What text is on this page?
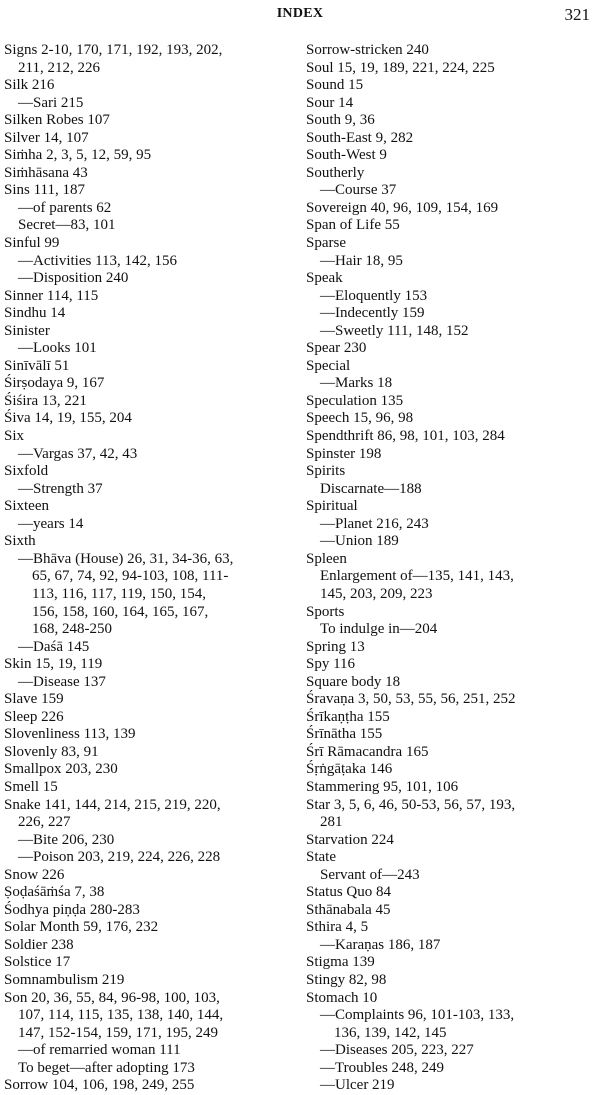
INDEX	321
Signs 2-10, 170, 171, 192, 193, 202,
211, 212, 226
Silk 216
—Sari 215
Silken Robes 107
Silver 14, 107
Siṁha 2, 3, 5, 12, 59, 95
Siṁhāsana 43
Sins 111, 187
—of parents 62
Secret—83, 101
Sinful 99
—Activities 113, 142, 156
—Disposition 240
Sinner 114, 115
Sindhu 14
Sinister
—Looks 101
Sinīvālī 51
Śirṣodaya 9, 167
Śiśira 13, 221
Śiva 14, 19, 155, 204
Six
—Vargas 37, 42, 43
Sixfold
—Strength 37
Sixteen
—years 14
Sixth
—Bhāva (House) 26, 31, 34-36, 63,
65, 67, 74, 92, 94-103, 108, 111-
113, 116, 117, 119, 150, 154,
156, 158, 160, 164, 165, 167,
168, 248-250
—Daśā 145
Skin 15, 19, 119
—Disease 137
Slave 159
Sleep 226
Slovenliness 113, 139
Slovenly 83, 91
Smallpox 203, 230
Smell 15
Snake 141, 144, 214, 215, 219, 220,
226, 227
—Bite 206, 230
—Poison 203, 219, 224, 226, 228
Snow 226
Ṣoḍaśāṁśa 7, 38
Śodhya piṇḍa 280-283
Solar Month 59, 176, 232
Soldier 238
Solstice 17
Somnambulism 219
Son 20, 36, 55, 84, 96-98, 100, 103,
107, 114, 115, 135, 138, 140, 144,
147, 152-154, 159, 171, 195, 249
—of remarried woman 111
To beget—after adopting 173
Sorrow 104, 106, 198, 249, 255
Sorrow-stricken 240
Soul 15, 19, 189, 221, 224, 225
Sound 15
Sour 14
South 9, 36
South-East 9, 282
South-West 9
Southerly
—Course 37
Sovereign 40, 96, 109, 154, 169
Span of Life 55
Sparse
—Hair 18, 95
Speak
—Eloquently 153
—Indecently 159
—Sweetly 111, 148, 152
Spear 230
Special
—Marks 18
Speculation 135
Speech 15, 96, 98
Spendthrift 86, 98, 101, 103, 284
Spinster 198
Spirits
Discarnate—188
Spiritual
—Planet 216, 243
—Union 189
Spleen
Enlargement of—135, 141, 143,
145, 203, 209, 223
Sports
To indulge in—204
Spring 13
Spy 116
Square body 18
Śravaṇa 3, 50, 53, 55, 56, 251, 252
Śrīkaṇṭha 155
Śrīnātha 155
Śrī Rāmacandra 165
Śṛṅgāṭaka 146
Stammering 95, 101, 106
Star 3, 5, 6, 46, 50-53, 56, 57, 193,
281
Starvation 224
State
Servant of—243
Status Quo 84
Sthānabala 45
Sthira 4, 5
—Karaṇas 186, 187
Stigma 139
Stingy 82, 98
Stomach 10
—Complaints 96, 101-103, 133,
136, 139, 142, 145
—Diseases 205, 223, 227
—Troubles 248, 249
—Ulcer 219
